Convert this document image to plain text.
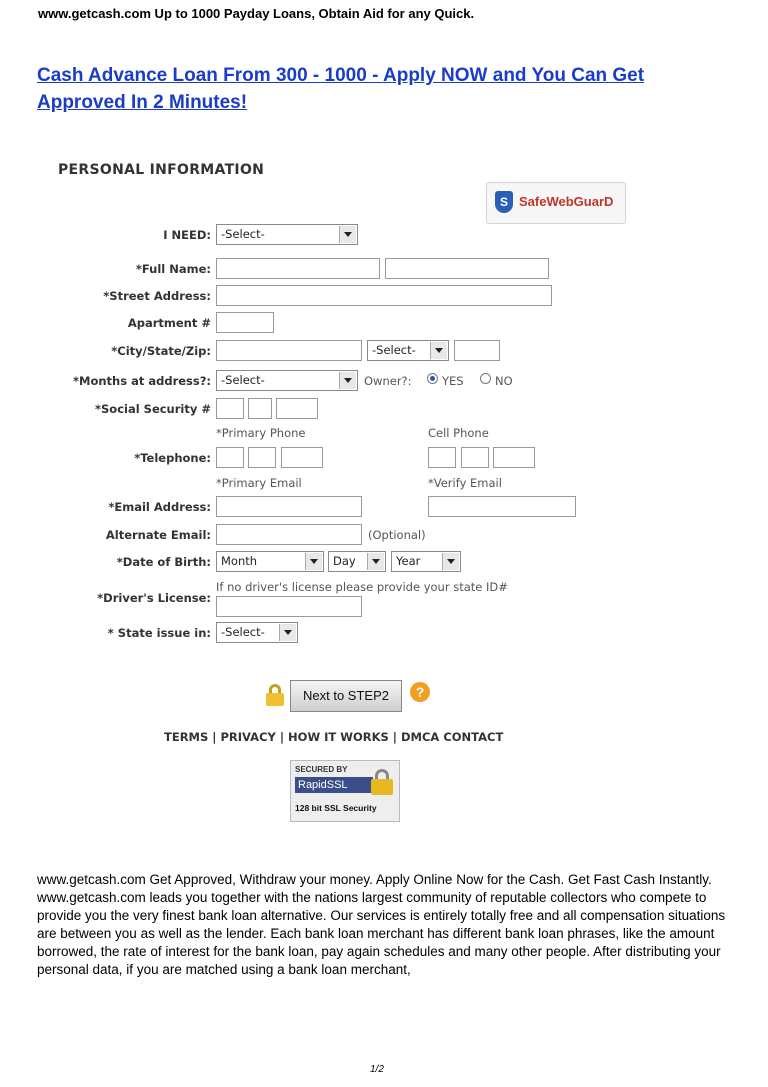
www.getcash.com Up to 1000 Payday Loans, Obtain Aid for any Quick.
Cash Advance Loan From 300 - 1000 - Apply NOW and You Can Get Approved In 2 Minutes!
PERSONAL INFORMATION
S SafeWebGuarD
I NEED: -Select-
*Full Name:
*Street Address:
Apartment #
*City/State/Zip:	-Select-
*Months at address?: -Select-	Owner?:	YES	NO
*Social Security #
*Primary Phone	Cell Phone
*Telephone:
*Primary Email	*Verify Email
*Email Address:
Alternate Email:	(Optional)
*Date of Birth: Month	Day	Year
If no driver's license please provide your state ID#
*Driver's License:
* State issue in: -Select-
Next to STEP2	?
TERMS | PRIVACY | HOW IT WORKS | DMCA CONTACT
SECURED BY
RapidSSL
128 bit SSL Security
www.getcash.com Get Approved, Withdraw your money. Apply Online Now for the Cash. Get Fast Cash Instantly.
www.getcash.com leads you together with the nations largest community of reputable collectors who compete to provide you the very finest bank loan alternative. Our services is entirely totally free and all compensation situations are between you as well as the lender. Each bank loan merchant has different bank loan phrases, like the amount borrowed, the rate of interest for the bank loan, pay again schedules and many other people. After distributing your personal data, if you are matched using a bank loan merchant,
1/2
